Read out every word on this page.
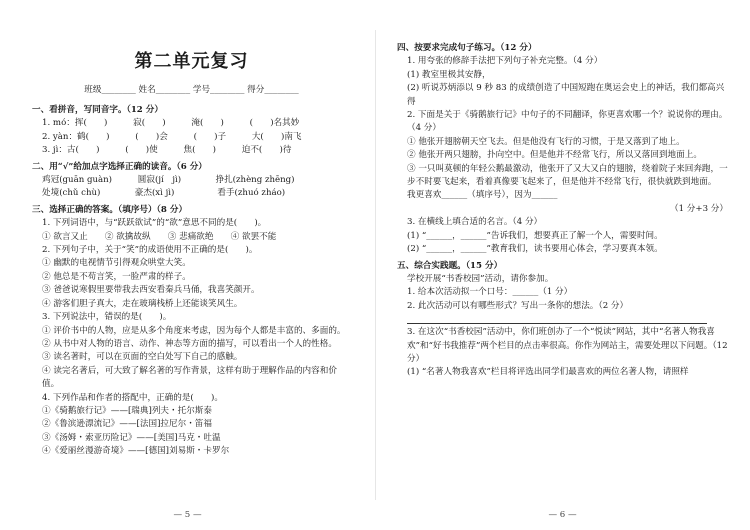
第二单元复习
班级________ 姓名________ 学号________ 得分________
一、看拼音，写同音字。（12 分）
1. mó：挥(　　)　　　寂(　　)　　　淹(　　)　　　(　　)名其妙
2. yàn：鹤(　　)　　　(　　)会　　　(　　)子　　　大(　　)南飞
3. jì：古(　　)　　　(　　)使　　　焦(　　)　　　迫不(　　)待
二、用“√”给加点字选择正确的读音。（6 分）
鸡冠(guān guàn)　　　圆寂(jí　jì)　　　　挣扎(zhèng zhēng)
处境(chǔ chù)　　　　豪杰(xì jì)　　　　　看手(zhuó zháo)
三、选择正确的答案。（填序号）（8 分）
1. 下列词语中，与“跃跃欲试”的“欲”意思不同的是(　　)。
① 欲言又止　　② 欲擒故纵　　③ 悲痛欲绝　　④ 欲罢不能
2. 下列句子中，关于“笑”的成语使用不正确的是(　　)。
① 幽默的电视情节引得观众哄堂大笑。
② 他总是不苟言笑，一脸严肃的样子。
③ 爸爸说寒假里要带我去西安看秦兵马俑，我喜笑颜开。
④ 游客们胆子真大，走在玻璃栈桥上还能谈笑风生。
3. 下列说法中，错误的是(　　)。
① 评价书中的人物，应是从多个角度来考虑，因为每个人都是丰富的、多面的。
② 从书中对人物的语言、动作、神态等方面的描写，可以看出一个人的性格。
③ 读名著时，可以在页面的空白处写下自己的感触。
④ 读完名著后，可大致了解名著的写作背景，这样有助于理解作品的内容和价值。
4. 下列作品和作者的搭配中，正确的是(　　)。
①《骑鹅旅行记》——[瑞典]列夫・托尔斯泰
②《鲁滨逊漂流记》——[法国]拉尼尔・笛福
③《汤姆・索亚历险记》——[美国]马克・吐温
④《爱丽丝漫游奇境》——[德国]刘易斯・卡罗尔
— 5 —
四、按要求完成句子练习。（12 分）
1. 用夸张的修辞手法把下列句子补充完整。（4 分）
(1) 教室里极其安静，
(2) 听说苏炳添以 9 秒 83 的成绩创造了中国短跑在奥运会史上的神话，我们都高兴得
2. 下面是关于《骑鹅旅行记》中句子的不同翻译，你更喜欢哪一个？说说你的理由。（4 分）
① 他张开翅膀朝天空飞去。但是他没有飞行的习惯，于是又落到了地上。
② 他张开两只翅膀，扑向空中。但是他并不经常飞行，所以又落回到地面上。
③ 一只叫莫顿的年轻公鹅最激动，他张开了又大又白的翅膀，绕着院子来回奔跑，一步不时要飞起来，看着真像要飞起来了，但是他并不经常飞行，很快就跌到地面。
我更喜欢______（填序号），因为______
（1 分+3 分）
3. 在横线上填合适的名言。（4 分）
(1) “______，______”告诉我们，想要真正了解一个人，需要时间。
(2) “______，______”教育我们，读书要用心体会，学习要真本领。
五、综合实践题。（15 分）
学校开展“书香校园”活动，请你参加。
1. 给本次活动拟一个口号：______（1 分）
2. 此次活动可以有哪些形式？写出一条你的想法。（2 分）
3. 在这次“书香校园”活动中，你们班创办了一个“悦读”网站，其中“名著人物我喜欢”和“好书我推荐”两个栏目的点击率很高。你作为网站主，需要处理以下问题。（12 分）
(1) “名著人物我喜欢”栏目将评选出同学们最喜欢的两位名著人物，请照样
— 6 —
